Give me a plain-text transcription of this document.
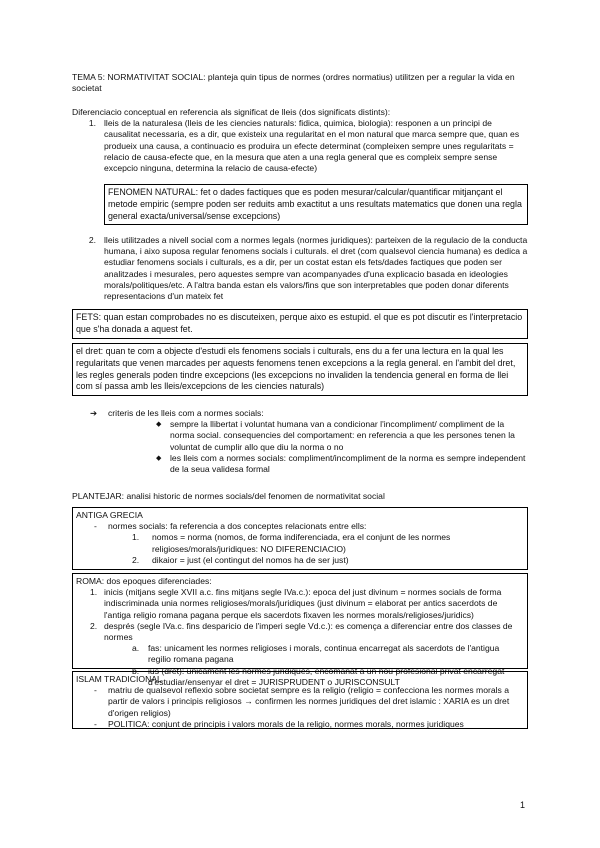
TEMA 5: NORMATIVITAT SOCIAL: planteja quin tipus de normes (ordres normatius) utilitzen per a regular la vida en societat
Diferenciacio conceptual en referencia als significat de lleis (dos significats distints):
1. lleis de la naturalesa (lleis de les ciencies naturals: fidica, quimica, biologia): responen a un principi de causalitat necessaria, es a dir, que existeix una regularitat en el mon natural que marca sempre que, quan es produeix una causa, a continuacio es produira un efecte determinat (compleixen sempre unes regularitats = relacio de causa-efecte que, en la mesura que aten a una regla general que es compleix sempre sense excepcio ninguna, determina la relacio de causa-efecte)
FENOMEN NATURAL: fet o dades factiques que es poden mesurar/calcular/quantificar mitjançant el metode empiric (sempre poden ser reduits amb exactitut a uns resultats matematics que donen una regla general exacta/universal/sense excepcions)
2. lleis utilitzades a nivell social com a normes legals (normes juridiques): parteixen de la regulacio de la conducta humana, i aixo suposa regular fenomens socials i culturals. el dret (com qualsevol ciencia humana) es dedica a estudiar fenomens socials i culturals, es a dir, per un costat estan els fets/dades factiques que poden ser analitzades i mesurales, pero aquestes sempre van acompanyades d'una explicacio basada en ideologies morals/politiques/etc. A l'altra banda estan els valors/fins que son interpretables que poden donar diferents representacions d'un mateix fet
FETS: quan estan comprobades no es discuteixen, perque aixo es estupid. el que es pot discutir es l'interpretacio que s'ha donada a aquest fet.
el dret: quan te com a objecte d'estudi els fenomens socials i culturals, ens du a fer una lectura en la qual les regularitats que venen marcades per aquests fenomens tenen excepcions a la regla general. en l'ambit del dret, les regles generals poden tindre excepcions (les excepcions no invaliden la tendencia general en forma de llei com sí passa amb les lleis/excepcions de les ciencies naturals)
➔	criteris de les lleis com a normes socials:
◆	sempre la llibertat i voluntat humana van a condicionar l'incompliment/ compliment de la norma social. consequencies del comportament: en referencia a que les persones tenen la voluntat de cumplir allo que diu la norma o no
◆	les lleis com a normes socials: compliment/incompliment de la norma es sempre independent de la seua validesa formal
PLANTEJAR: analisi historic de normes socials/del fenomen de normativitat social
ANTIGA GRECIA
-	normes socials: fa referencia a dos conceptes relacionats entre ells:
1.	nomos = norma (nomos, de forma indiferenciada, era el conjunt de les normes religioses/morals/juridiques: NO DIFERENCIACIO)
2.	dikaior = just (el contingut del nomos ha de ser just)
ROMA: dos epoques diferenciades:
1. inicis (mitjans segle XVII a.c. fins mitjans segle IVa.c.): epoca del just divinum = normes socials de forma indiscriminada unia normes religioses/morals/juridiques (just divinum = elaborat per antics sacerdots de l'antiga religio romana pagana perque els sacerdots fixaven les normes morals/religioses/juridics)
2. després (segle IVa.c. fins desparicio de l'imperi segle Vd.c.): es comença a diferenciar entre dos classes de normes
a.	fas: unicament les normes religioses i morals, continua encarregat als sacerdots de l'antigua regilio romana pagana
b.	ius (dret): unicament les normes juridiques, encomanat a un nou profesional privat encarregat d'estudiar/ensenyar el dret = JURISPRUDENT o JURISCONSULT
ISLAM TRADICIONAL
-	matriu de qualsevol reflexio sobre societat sempre es la religio (religio = confecciona les normes morals a partir de valors i principis religiosos → confirmen les normes juridiques del dret islamic : XARIA es un dret d'origen religios)
-	POLITICA: conjunt de principis i valors morals de la religio, normes morals, normes juridiques
1
